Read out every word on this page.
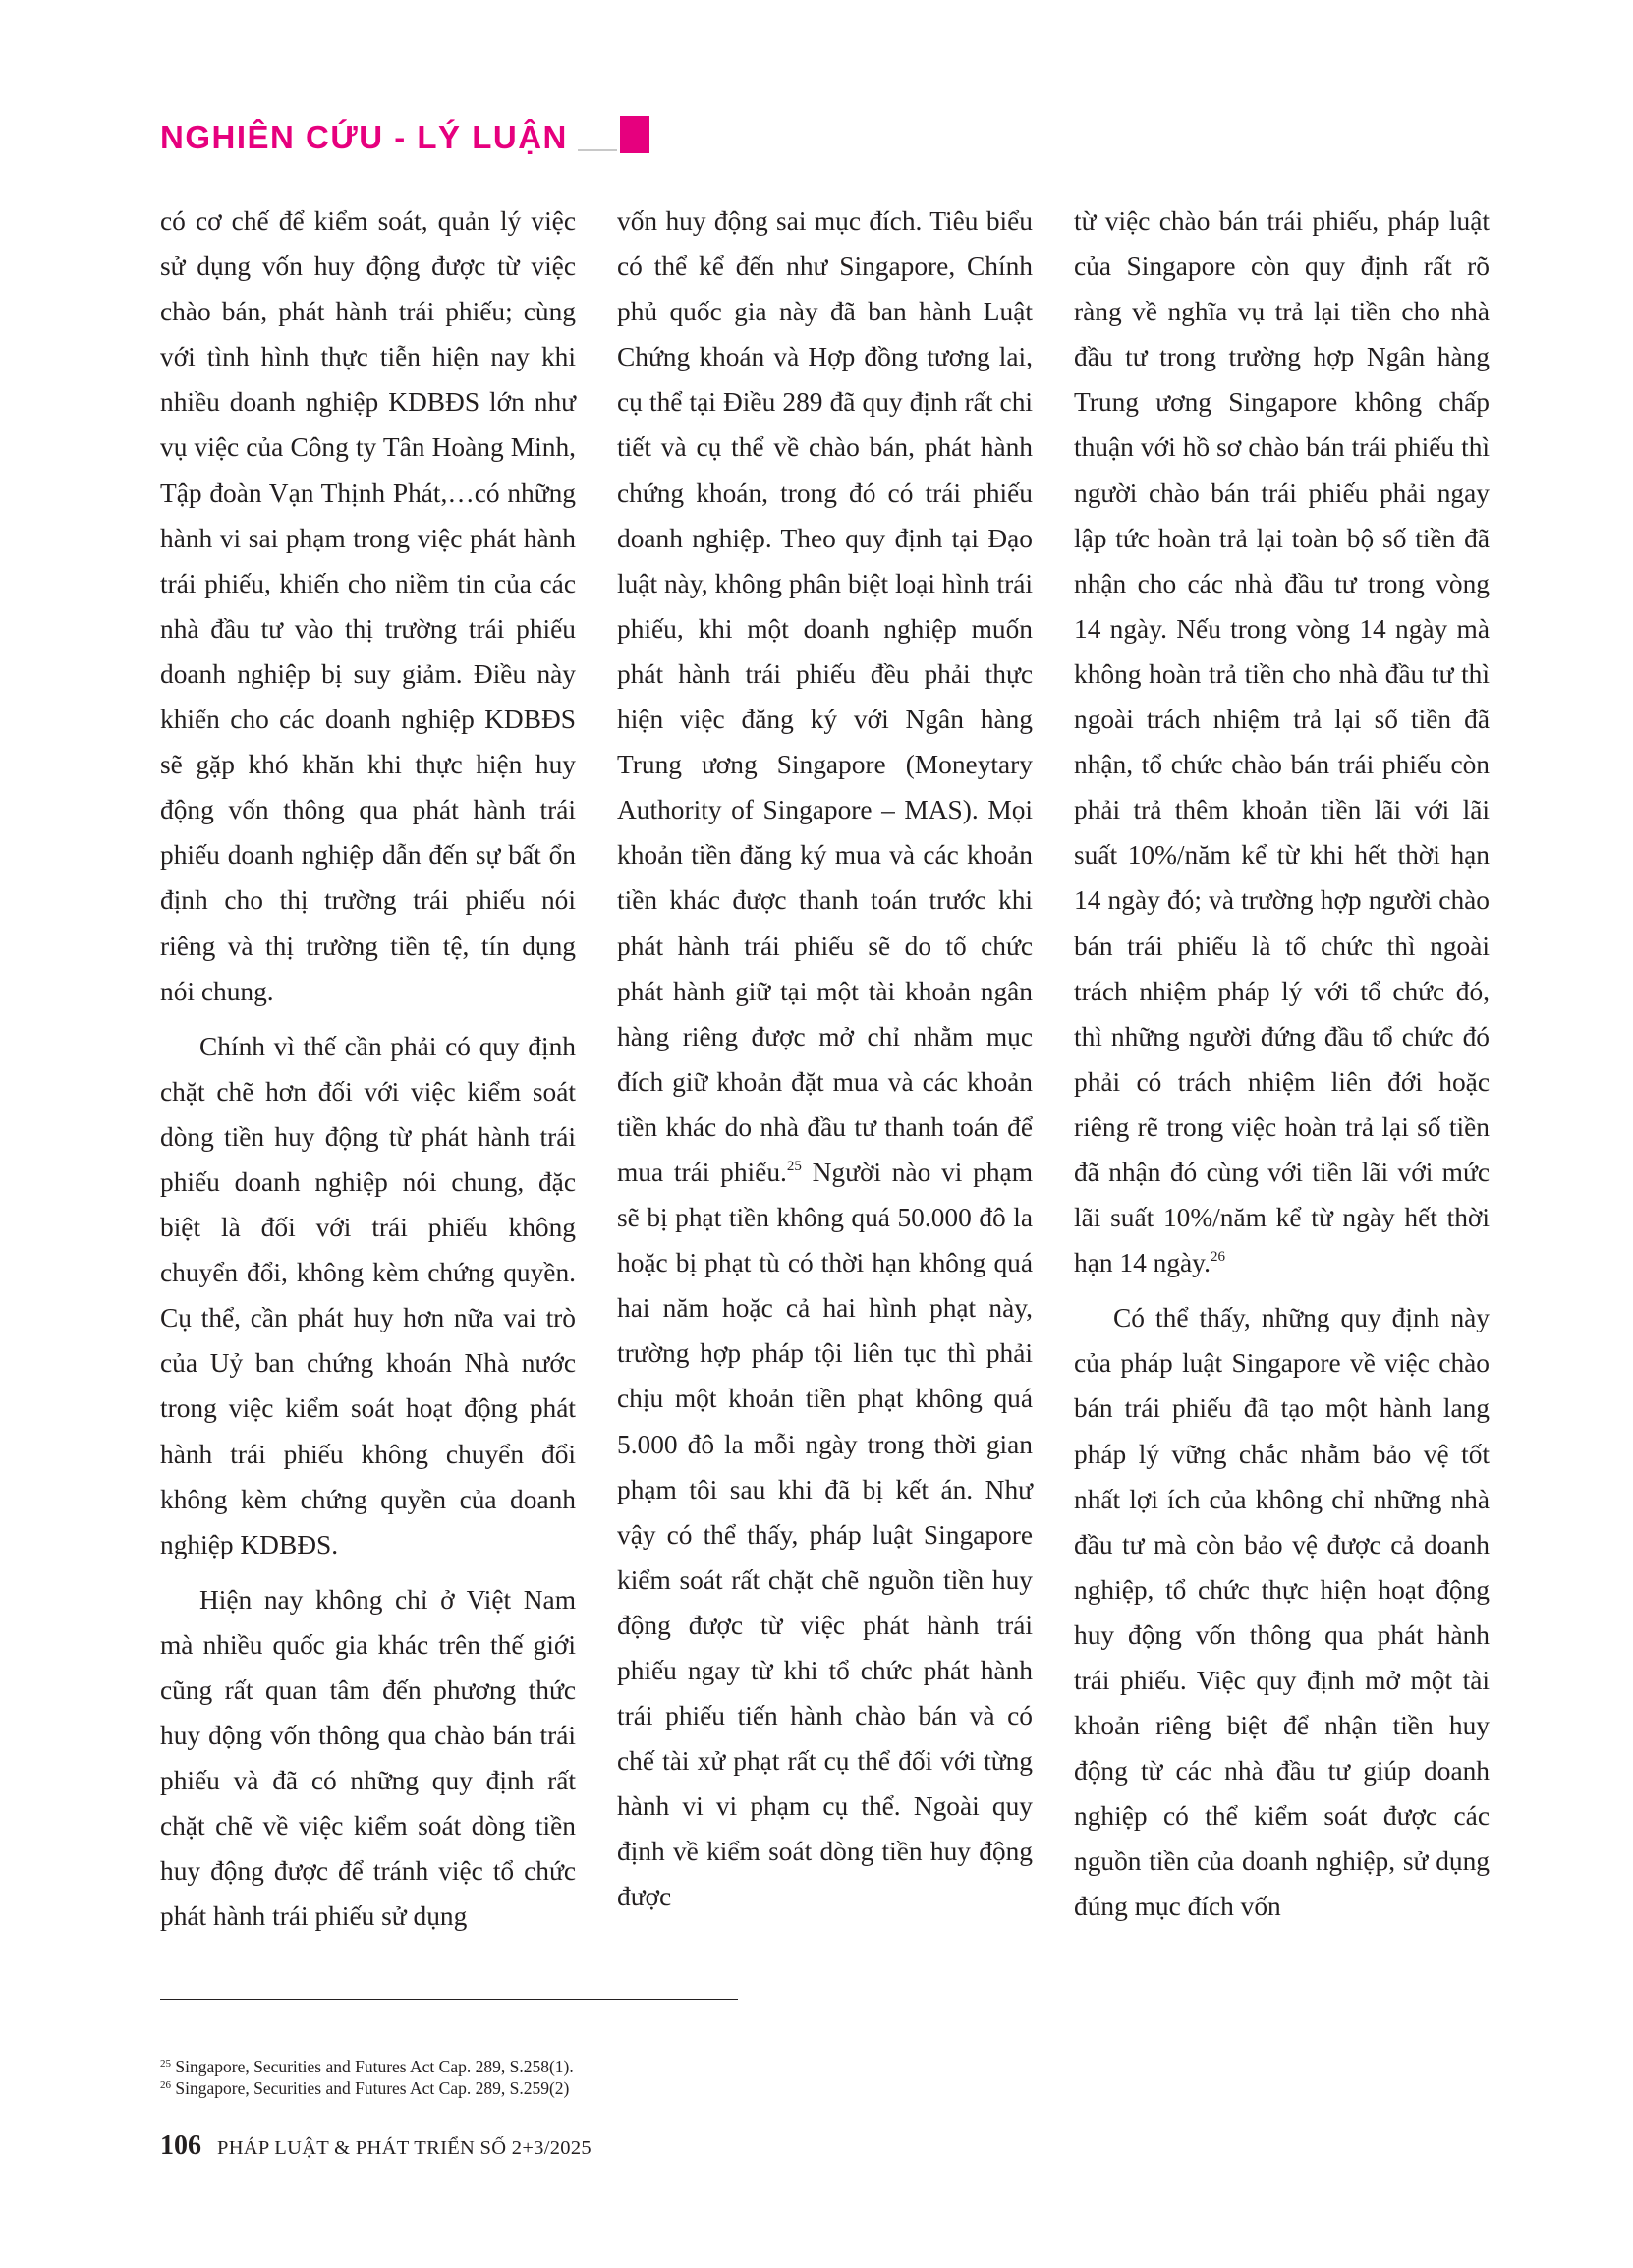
NGHIÊN CỨU - LÝ LUẬN

có cơ chế để kiểm soát, quản lý việc sử dụng vốn huy động được từ việc chào bán, phát hành trái phiếu; cùng với tình hình thực tiễn hiện nay khi nhiều doanh nghiệp KDBĐS lớn như vụ việc của Công ty Tân Hoàng Minh, Tập đoàn Vạn Thịnh Phát,…có những hành vi sai phạm trong việc phát hành trái phiếu, khiến cho niềm tin của các nhà đầu tư vào thị trường trái phiếu doanh nghiệp bị suy giảm. Điều này khiến cho các doanh nghiệp KDBĐS sẽ gặp khó khăn khi thực hiện huy động vốn thông qua phát hành trái phiếu doanh nghiệp dẫn đến sự bất ổn định cho thị trường trái phiếu nói riêng và thị trường tiền tệ, tín dụng nói chung.

Chính vì thế cần phải có quy định chặt chẽ hơn đối với việc kiểm soát dòng tiền huy động từ phát hành trái phiếu doanh nghiệp nói chung, đặc biệt là đối với trái phiếu không chuyển đổi, không kèm chứng quyền. Cụ thể, cần phát huy hơn nữa vai trò của Uỷ ban chứng khoán Nhà nước trong việc kiểm soát hoạt động phát hành trái phiếu không chuyển đổi không kèm chứng quyền của doanh nghiệp KDBĐS.

Hiện nay không chỉ ở Việt Nam mà nhiều quốc gia khác trên thế giới cũng rất quan tâm đến phương thức huy động vốn thông qua chào bán trái phiếu và đã có những quy định rất chặt chẽ về việc kiểm soát dòng tiền huy động được để tránh việc tổ chức phát hành trái phiếu sử dụng

vốn huy động sai mục đích. Tiêu biểu có thể kể đến như Singapore, Chính phủ quốc gia này đã ban hành Luật Chứng khoán và Hợp đồng tương lai, cụ thể tại Điều 289 đã quy định rất chi tiết và cụ thể về chào bán, phát hành chứng khoán, trong đó có trái phiếu doanh nghiệp. Theo quy định tại Đạo luật này, không phân biệt loại hình trái phiếu, khi một doanh nghiệp muốn phát hành trái phiếu đều phải thực hiện việc đăng ký với Ngân hàng Trung ương Singapore (Moneytary Authority of Singapore – MAS). Mọi khoản tiền đăng ký mua và các khoản tiền khác được thanh toán trước khi phát hành trái phiếu sẽ do tổ chức phát hành giữ tại một tài khoản ngân hàng riêng được mở chỉ nhằm mục đích giữ khoản đặt mua và các khoản tiền khác do nhà đầu tư thanh toán để mua trái phiếu.$^{25}$ Người nào vi phạm sẽ bị phạt tiền không quá 50.000 đô la hoặc bị phạt tù có thời hạn không quá hai năm hoặc cả hai hình phạt này, trường hợp pháp tội liên tục thì phải chịu một khoản tiền phạt không quá 5.000 đô la mỗi ngày trong thời gian phạm tôi sau khi đã bị kết án. Như vậy có thể thấy, pháp luật Singapore kiểm soát rất chặt chẽ nguồn tiền huy động được từ việc phát hành trái phiếu ngay từ khi tổ chức phát hành trái phiếu tiến hành chào bán và có chế tài xử phạt rất cụ thể đối với từng hành vi vi phạm cụ thể. Ngoài quy định về kiểm soát dòng tiền huy động được

từ việc chào bán trái phiếu, pháp luật của Singapore còn quy định rất rõ ràng về nghĩa vụ trả lại tiền cho nhà đầu tư trong trường hợp Ngân hàng Trung ương Singapore không chấp thuận với hồ sơ chào bán trái phiếu thì người chào bán trái phiếu phải ngay lập tức hoàn trả lại toàn bộ số tiền đã nhận cho các nhà đầu tư trong vòng 14 ngày. Nếu trong vòng 14 ngày mà không hoàn trả tiền cho nhà đầu tư thì ngoài trách nhiệm trả lại số tiền đã nhận, tổ chức chào bán trái phiếu còn phải trả thêm khoản tiền lãi với lãi suất 10%/năm kể từ khi hết thời hạn 14 ngày đó; và trường hợp người chào bán trái phiếu là tổ chức thì ngoài trách nhiệm pháp lý với tổ chức đó, thì những người đứng đầu tổ chức đó phải có trách nhiệm liên đới hoặc riêng rẽ trong việc hoàn trả lại số tiền đã nhận đó cùng với tiền lãi với mức lãi suất 10%/năm kể từ ngày hết thời hạn 14 ngày.$^{26}$

Có thể thấy, những quy định này của pháp luật Singapore về việc chào bán trái phiếu đã tạo một hành lang pháp lý vững chắc nhằm bảo vệ tốt nhất lợi ích của không chỉ những nhà đầu tư mà còn bảo vệ được cả doanh nghiệp, tổ chức thực hiện hoạt động huy động vốn thông qua phát hành trái phiếu. Việc quy định mở một tài khoản riêng biệt để nhận tiền huy động từ các nhà đầu tư giúp doanh nghiệp có thể kiểm soát được các nguồn tiền của doanh nghiệp, sử dụng đúng mục đích vốn

$^{25}$ Singapore, Securities and Futures Act Cap. 289, S.258(1).

$^{26}$ Singapore, Securities and Futures Act Cap. 289, S.259(2)

106 PHÁP LUẬT & PHÁT TRIỂN SỐ 2+3/2025
